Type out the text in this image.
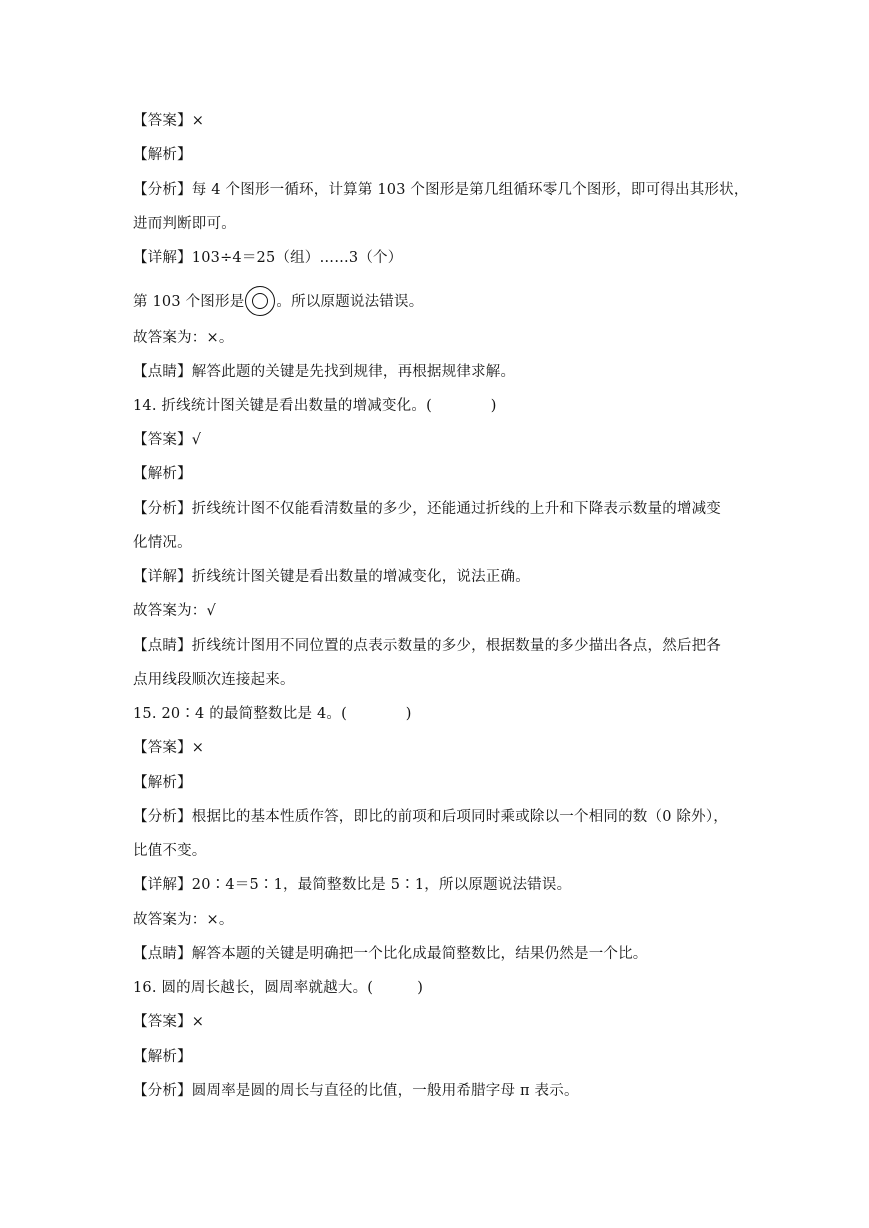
【答案】×
【解析】
【分析】每 4 个图形一循环，计算第 103 个图形是第几组循环零几个图形，即可得出其形状，
进而判断即可。
【详解】103÷4＝25（组）……3（个）
第 103 个图形是 。所以原题说法错误。
故答案为：×。
【点睛】解答此题的关键是先找到规律，再根据规律求解。
14. 折线统计图关键是看出数量的增减变化。(　　　　)
【答案】√
【解析】
【分析】折线统计图不仅能看清数量的多少，还能通过折线的上升和下降表示数量的增减变
化情况。
【详解】折线统计图关键是看出数量的增减变化，说法正确。
故答案为：√
【点睛】折线统计图用不同位置的点表示数量的多少，根据数量的多少描出各点，然后把各
点用线段顺次连接起来。
15. 20∶4 的最简整数比是 4。(　　　　)
【答案】×
【解析】
【分析】根据比的基本性质作答，即比的前项和后项同时乘或除以一个相同的数（0 除外），
比值不变。
【详解】20∶4＝5∶1，最简整数比是 5∶1，所以原题说法错误。
故答案为：×。
【点睛】解答本题的关键是明确把一个比化成最简整数比，结果仍然是一个比。
16. 圆的周长越长，圆周率就越大。(　　　)
【答案】×
【解析】
【分析】圆周率是圆的周长与直径的比值，一般用希腊字母 π 表示。
